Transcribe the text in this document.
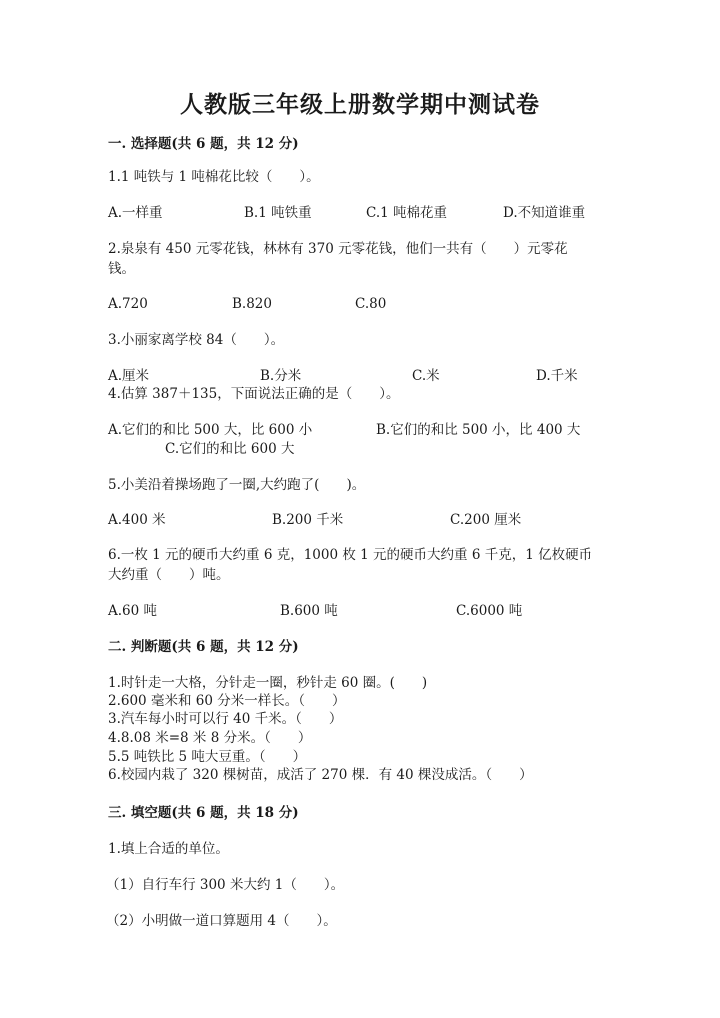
人教版三年级上册数学期中测试卷
一. 选择题(共 6 题，共 12 分)
1.1 吨铁与 1 吨棉花比较（　　）。
A.一样重	B.1 吨铁重	C.1 吨棉花重	D.不知道谁重
2.泉泉有 450 元零花钱，林林有 370 元零花钱，他们一共有（　　）元零花
钱。
A.720	B.820	C.80
3.小丽家离学校 84（　　）。
A.厘米	B.分米	C.米	D.千米
4.估算 387＋135，下面说法正确的是（　　）。
A.它们的和比 500 大，比 600 小	B.它们的和比 500 小，比 400 大
C.它们的和比 600 大
5.小美沿着操场跑了一圈,大约跑了(　　)。
A.400 米	B.200 千米	C.200 厘米
6.一枚 1 元的硬币大约重 6 克，1000 枚 1 元的硬币大约重 6 千克，1 亿枚硬币
大约重（　　）吨。
A.60 吨	B.600 吨	C.6000 吨
二. 判断题(共 6 题，共 12 分)
1.时针走一大格，分针走一圈，秒针走 60 圈。(　　)
2.600 毫米和 60 分米一样长。（　　）
3.汽车每小时可以行 40 千米。（　　）
4.8.08 米=8 米 8 分米。（　　）
5.5 吨铁比 5 吨大豆重。（　　）
6.校园内栽了 320 棵树苗，成活了 270 棵．有 40 棵没成活。（　　）
三. 填空题(共 6 题，共 18 分)
1.填上合适的单位。
（1）自行车行 300 米大约 1（　　）。
（2）小明做一道口算题用 4（　　）。
